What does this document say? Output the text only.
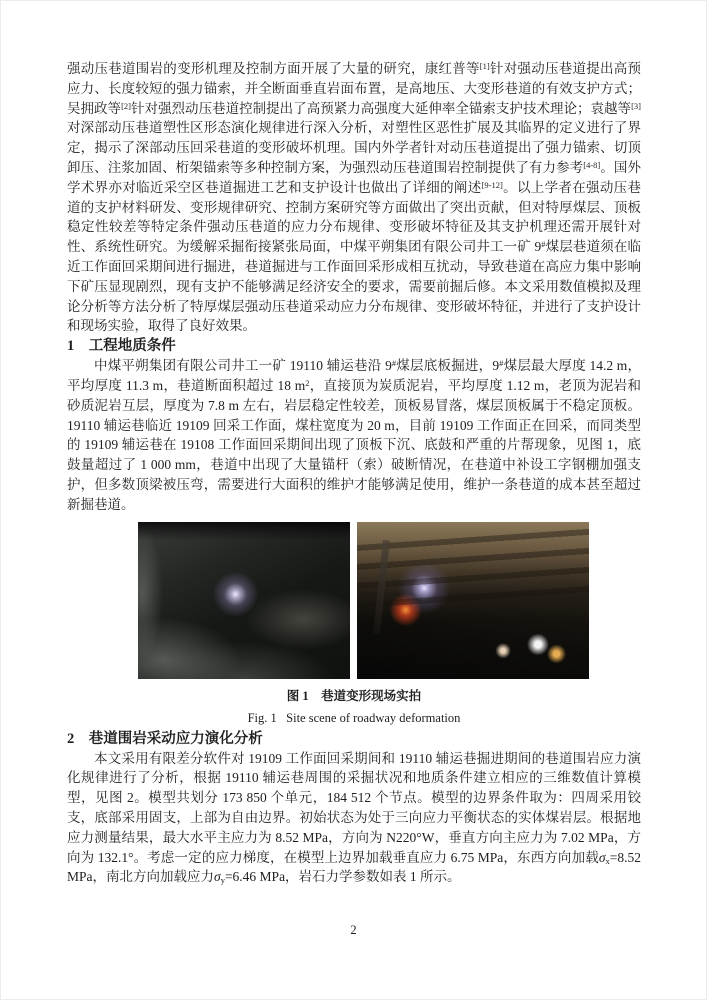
强动压巷道围岩的变形机理及控制方面开展了大量的研究，康红普等[1]针对强动压巷道提出高预应力、长度较短的强力锚索，并全断面垂直岩面布置，是高地压、大变形巷道的有效支护方式；吴拥政等[2]针对强烈动压巷道控制提出了高预紧力高强度大延伸率全锚索支护技术理论；袁越等[3]对深部动压巷道塑性区形态演化规律进行深入分析，对塑性区恶性扩展及其临界的定义进行了界定，揭示了深部动压回采巷道的变形破坏机理。国内外学者针对动压巷道提出了强力锚索、切顶卸压、注浆加固、桁架锚索等多种控制方案，为强烈动压巷道围岩控制提供了有力参考[4-8]。国外学术界亦对临近采空区巷道掘进工艺和支护设计也做出了详细的阐述[9-12]。以上学者在强动压巷道的支护材料研发、变形规律研究、控制方案研究等方面做出了突出贡献，但对特厚煤层、顶板稳定性较差等特定条件强动压巷道的应力分布规律、变形破坏特征及其支护机理还需开展针对性、系统性研究。为缓解采掘衔接紧张局面，中煤平朔集团有限公司井工一矿 9#煤层巷道须在临近工作面回采期间进行掘进，巷道掘进与工作面回采形成相互扰动，导致巷道在高应力集中影响下矿压显现剧烈，现有支护不能够满足经济安全的要求，需要前掘后修。本文采用数值模拟及理论分析等方法分析了特厚煤层强动压巷道采动应力分布规律、变形破坏特征，并进行了支护设计和现场实验，取得了良好效果。

1　工程地质条件

中煤平朔集团有限公司井工一矿 19110 辅运巷沿 9#煤层底板掘进，9#煤层最大厚度 14.2 m，平均厚度 11.3 m，巷道断面积超过 18 $m^2$，直接顶为炭质泥岩，平均厚度 1.12 m，老顶为泥岩和砂质泥岩互层，厚度为 7.8 m 左右，岩层稳定性较差，顶板易冒落，煤层顶板属于不稳定顶板。19110 辅运巷临近 19109 回采工作面，煤柱宽度为 20 m，目前 19109 工作面正在回采，而同类型的 19109 辅运巷在 19108 工作面回采期间出现了顶板下沉、底鼓和严重的片帮现象，见图 1，底鼓量超过了 1 000 mm，巷道中出现了大量锚杆（索）破断情况，在巷道中补设工字钢棚加强支护，但多数顶梁被压弯，需要进行大面积的维护才能够满足使用，维护一条巷道的成本甚至超过新掘巷道。

图 1　巷道变形现场实拍

Fig. 1   Site scene of roadway deformation

2　巷道围岩采动应力演化分析

本文采用有限差分软件对 19109 工作面回采期间和 19110 辅运巷掘进期间的巷道围岩应力演化规律进行了分析，根据 19110 辅运巷周围的采掘状况和地质条件建立相应的三维数值计算模型，见图 2。模型共划分 173 850 个单元，184 512 个节点。模型的边界条件取为：四周采用铰支，底部采用固支，上部为自由边界。初始状态为处于三向应力平衡状态的实体煤岩层。根据地应力测量结果，最大水平主应力为 8.52 MPa，方向为 N220°W，垂直方向主应力为 7.02 MPa，方向为 132.1°。考虑一定的应力梯度，在模型上边界加载垂直应力 6.75 MPa，东西方向加载$\sigma_x=8.52$ MPa，南北方向加载应力$\sigma_y=6.46$ MPa，岩石力学参数如表 1 所示。

2
